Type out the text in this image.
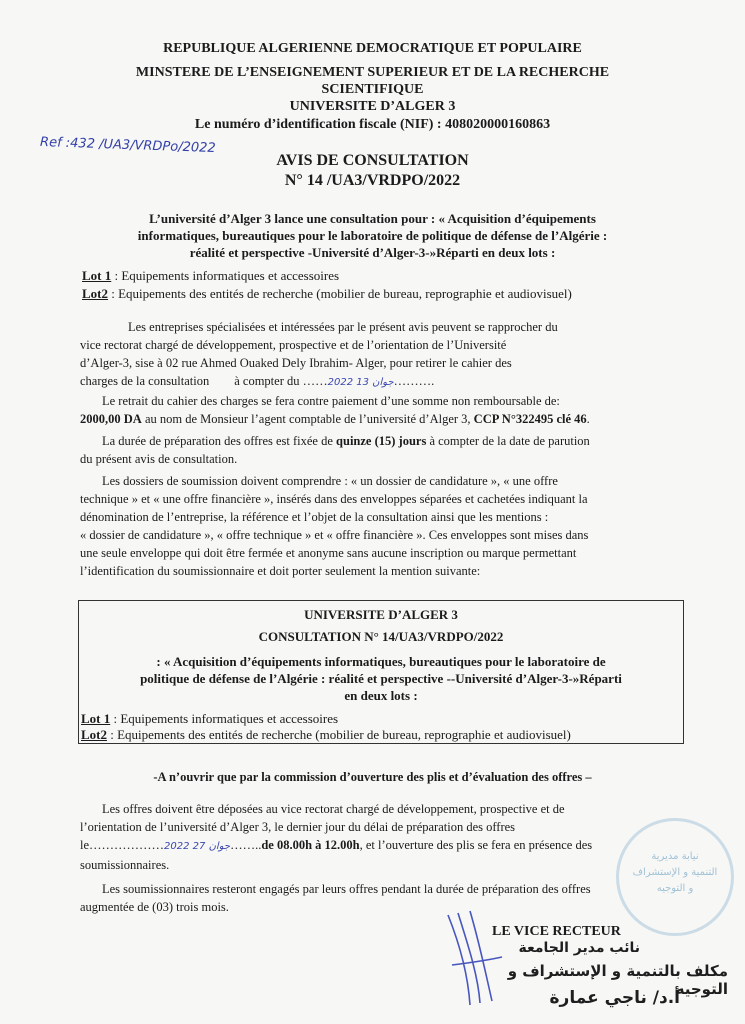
REPUBLIQUE ALGERIENNE DEMOCRATIQUE ET POPULAIRE
MINSTERE DE L’ENSEIGNEMENT SUPERIEUR ET DE LA RECHERCHE
SCIENTIFIQUE
UNIVERSITE D’ALGER 3
Le numéro d’identification fiscale (NIF) : 408020000160863
Ref :432 /UA3/VRDPo/2022
AVIS DE CONSULTATION
N° 14 /UA3/VRDPO/2022
L’université d’Alger 3 lance une consultation pour : « Acquisition d’équipements
informatiques, bureautiques pour le laboratoire de politique de défense de l’Algérie :
réalité et perspective -Université d’Alger-3-»Réparti en deux lots :
Lot 1 : Equipements informatiques et accessoires
Lot2 : Equipements des entités de recherche (mobilier de bureau, reprographie et audiovisuel)
Les entreprises spécialisées et intéressées par le présent avis peuvent se rapprocher du
vice rectorat chargé de développement, prospective et de l’orientation de l’Université
d’Alger-3, sise à 02 rue Ahmed Ouaked Dely Ibrahim- Alger, pour retirer le cahier des
charges de la consultation        à compter du ……2022 جوان 13……….
Le retrait du cahier des charges se fera contre paiement d’une somme non remboursable de:
2000,00 DA au nom de Monsieur l’agent comptable de l’université d’Alger 3, CCP N°322495 clé 46.
La durée de préparation des offres est fixée de quinze (15) jours à compter de la date de parution
du présent avis de consultation.
Les dossiers de soumission doivent comprendre : « un dossier de candidature », « une offre
technique » et « une offre financière », insérés dans des enveloppes séparées et cachetées indiquant la
dénomination de l’entreprise, la référence et l’objet de la consultation ainsi que les mentions :
« dossier de candidature », « offre technique » et « offre financière ». Ces enveloppes sont mises dans
une seule enveloppe qui doit être fermée et anonyme sans aucune inscription ou marque permettant
l’identification du soumissionnaire et doit porter seulement la mention suivante:
UNIVERSITE D’ALGER 3
CONSULTATION N° 14/UA3/VRDPO/2022
: « Acquisition d’équipements informatiques, bureautiques pour le laboratoire de
politique de défense de l’Algérie : réalité et perspective --Université d’Alger-3-»Réparti
en deux lots :
Lot 1 : Equipements informatiques et accessoires
Lot2 : Equipements des entités de recherche (mobilier de bureau, reprographie et audiovisuel)
-A n’ouvrir que par la commission d’ouverture des plis et d’évaluation des offres –
Les offres doivent être déposées au vice rectorat chargé de développement, prospective et de
l’orientation de l’université d’Alger 3, le dernier jour du délai de préparation des offres
le………………2022 جوان 27……..de 08.00h à 12.00h, et l’ouverture des plis se fera en présence des
soumissionnaires.
Les soumissionnaires resteront engagés par leurs offres pendant la durée de préparation des offres
augmentée de (03) trois mois.
نيابة مديرية
التنمية و الإستشراف
و التوجيه
LE VICE RECTEUR
نائب مدير الجامعة
مكلف بالتنمية و الإستشراف و التوجيه
أ.د/ ناجي عمارة
